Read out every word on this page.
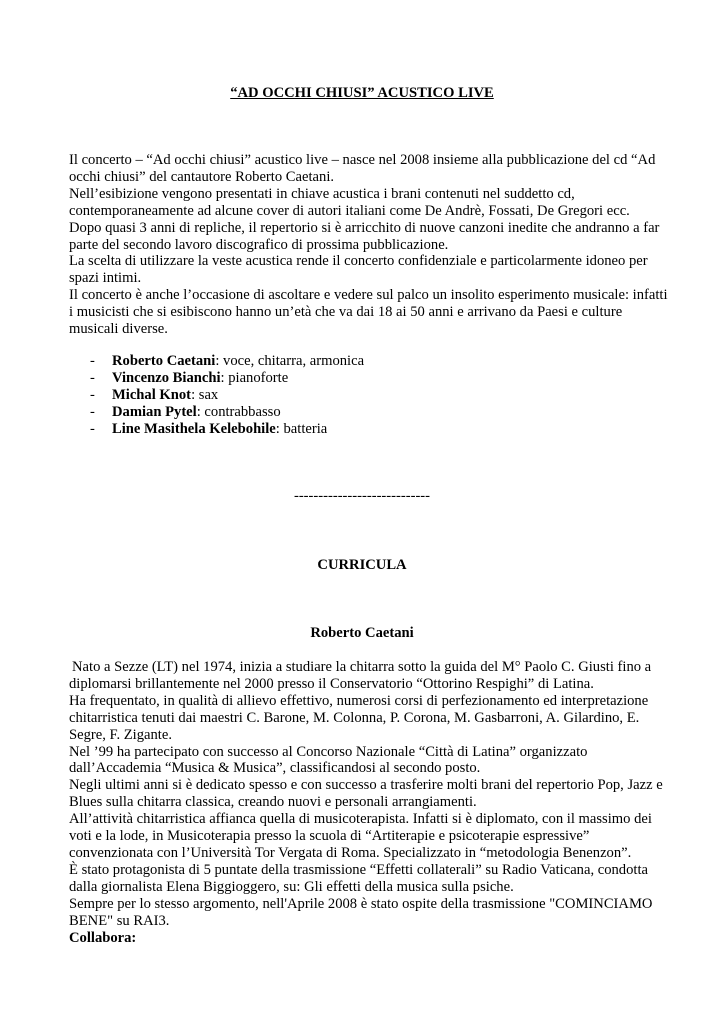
“AD OCCHI CHIUSI” ACUSTICO LIVE

Il concerto – “Ad occhi chiusi” acustico live – nasce nel 2008 insieme alla pubblicazione del cd “Ad occhi chiusi” del cantautore Roberto Caetani.

Nell’esibizione vengono presentati in chiave acustica i brani contenuti nel suddetto cd, contemporaneamente ad alcune cover di autori italiani come De Andrè, Fossati, De Gregori ecc.

Dopo quasi 3 anni di repliche, il repertorio si è arricchito di nuove canzoni inedite che andranno a far parte del secondo lavoro discografico di prossima pubblicazione.

La scelta di utilizzare la veste acustica rende il concerto confidenziale e particolarmente idoneo per spazi intimi.

Il concerto è anche l’occasione di ascoltare e vedere sul palco un insolito esperimento musicale: infatti i musicisti che si esibiscono hanno un’età che va dai 18 ai 50 anni e arrivano da Paesi e culture musicali diverse.

- Roberto Caetani: voce, chitarra, armonica
- Vincenzo Bianchi: pianoforte
- Michal Knot: sax
- Damian Pytel: contrabbasso
- Line Masithela Kelebohile: batteria
----------------------------
CURRICULA
Roberto Caetani

Nato a Sezze (LT) nel 1974, inizia a studiare la chitarra sotto la guida del M° Paolo C. Giusti fino a diplomarsi brillantemente nel 2000 presso il Conservatorio “Ottorino Respighi” di Latina.

Ha frequentato, in qualità di allievo effettivo, numerosi corsi di perfezionamento ed interpretazione chitarristica tenuti dai maestri C. Barone, M. Colonna, P. Corona, M. Gasbarroni, A. Gilardino, E. Segre, F. Zigante.

Nel ’99 ha partecipato con successo al Concorso Nazionale “Città di Latina” organizzato dall’Accademia “Musica & Musica”, classificandosi al secondo posto.

Negli ultimi anni si è dedicato spesso e con successo a trasferire molti brani del repertorio Pop, Jazz e Blues sulla chitarra classica, creando nuovi e personali arrangiamenti.

All’attività chitarristica affianca quella di musicoterapista. Infatti si è diplomato, con il massimo dei voti e la lode, in Musicoterapia presso la scuola di “Artiterapie e psicoterapie espressive” convenzionata con l’Università Tor Vergata di Roma. Specializzato in “metodologia Benenzon”.

È stato protagonista di 5 puntate della trasmissione “Effetti collaterali” su Radio Vaticana, condotta dalla giornalista Elena Biggioggero, su: Gli effetti della musica sulla psiche.

Sempre per lo stesso argomento, nell'Aprile 2008 è stato ospite della trasmissione "COMINCIAMO BENE" su RAI3.

Collabora:
